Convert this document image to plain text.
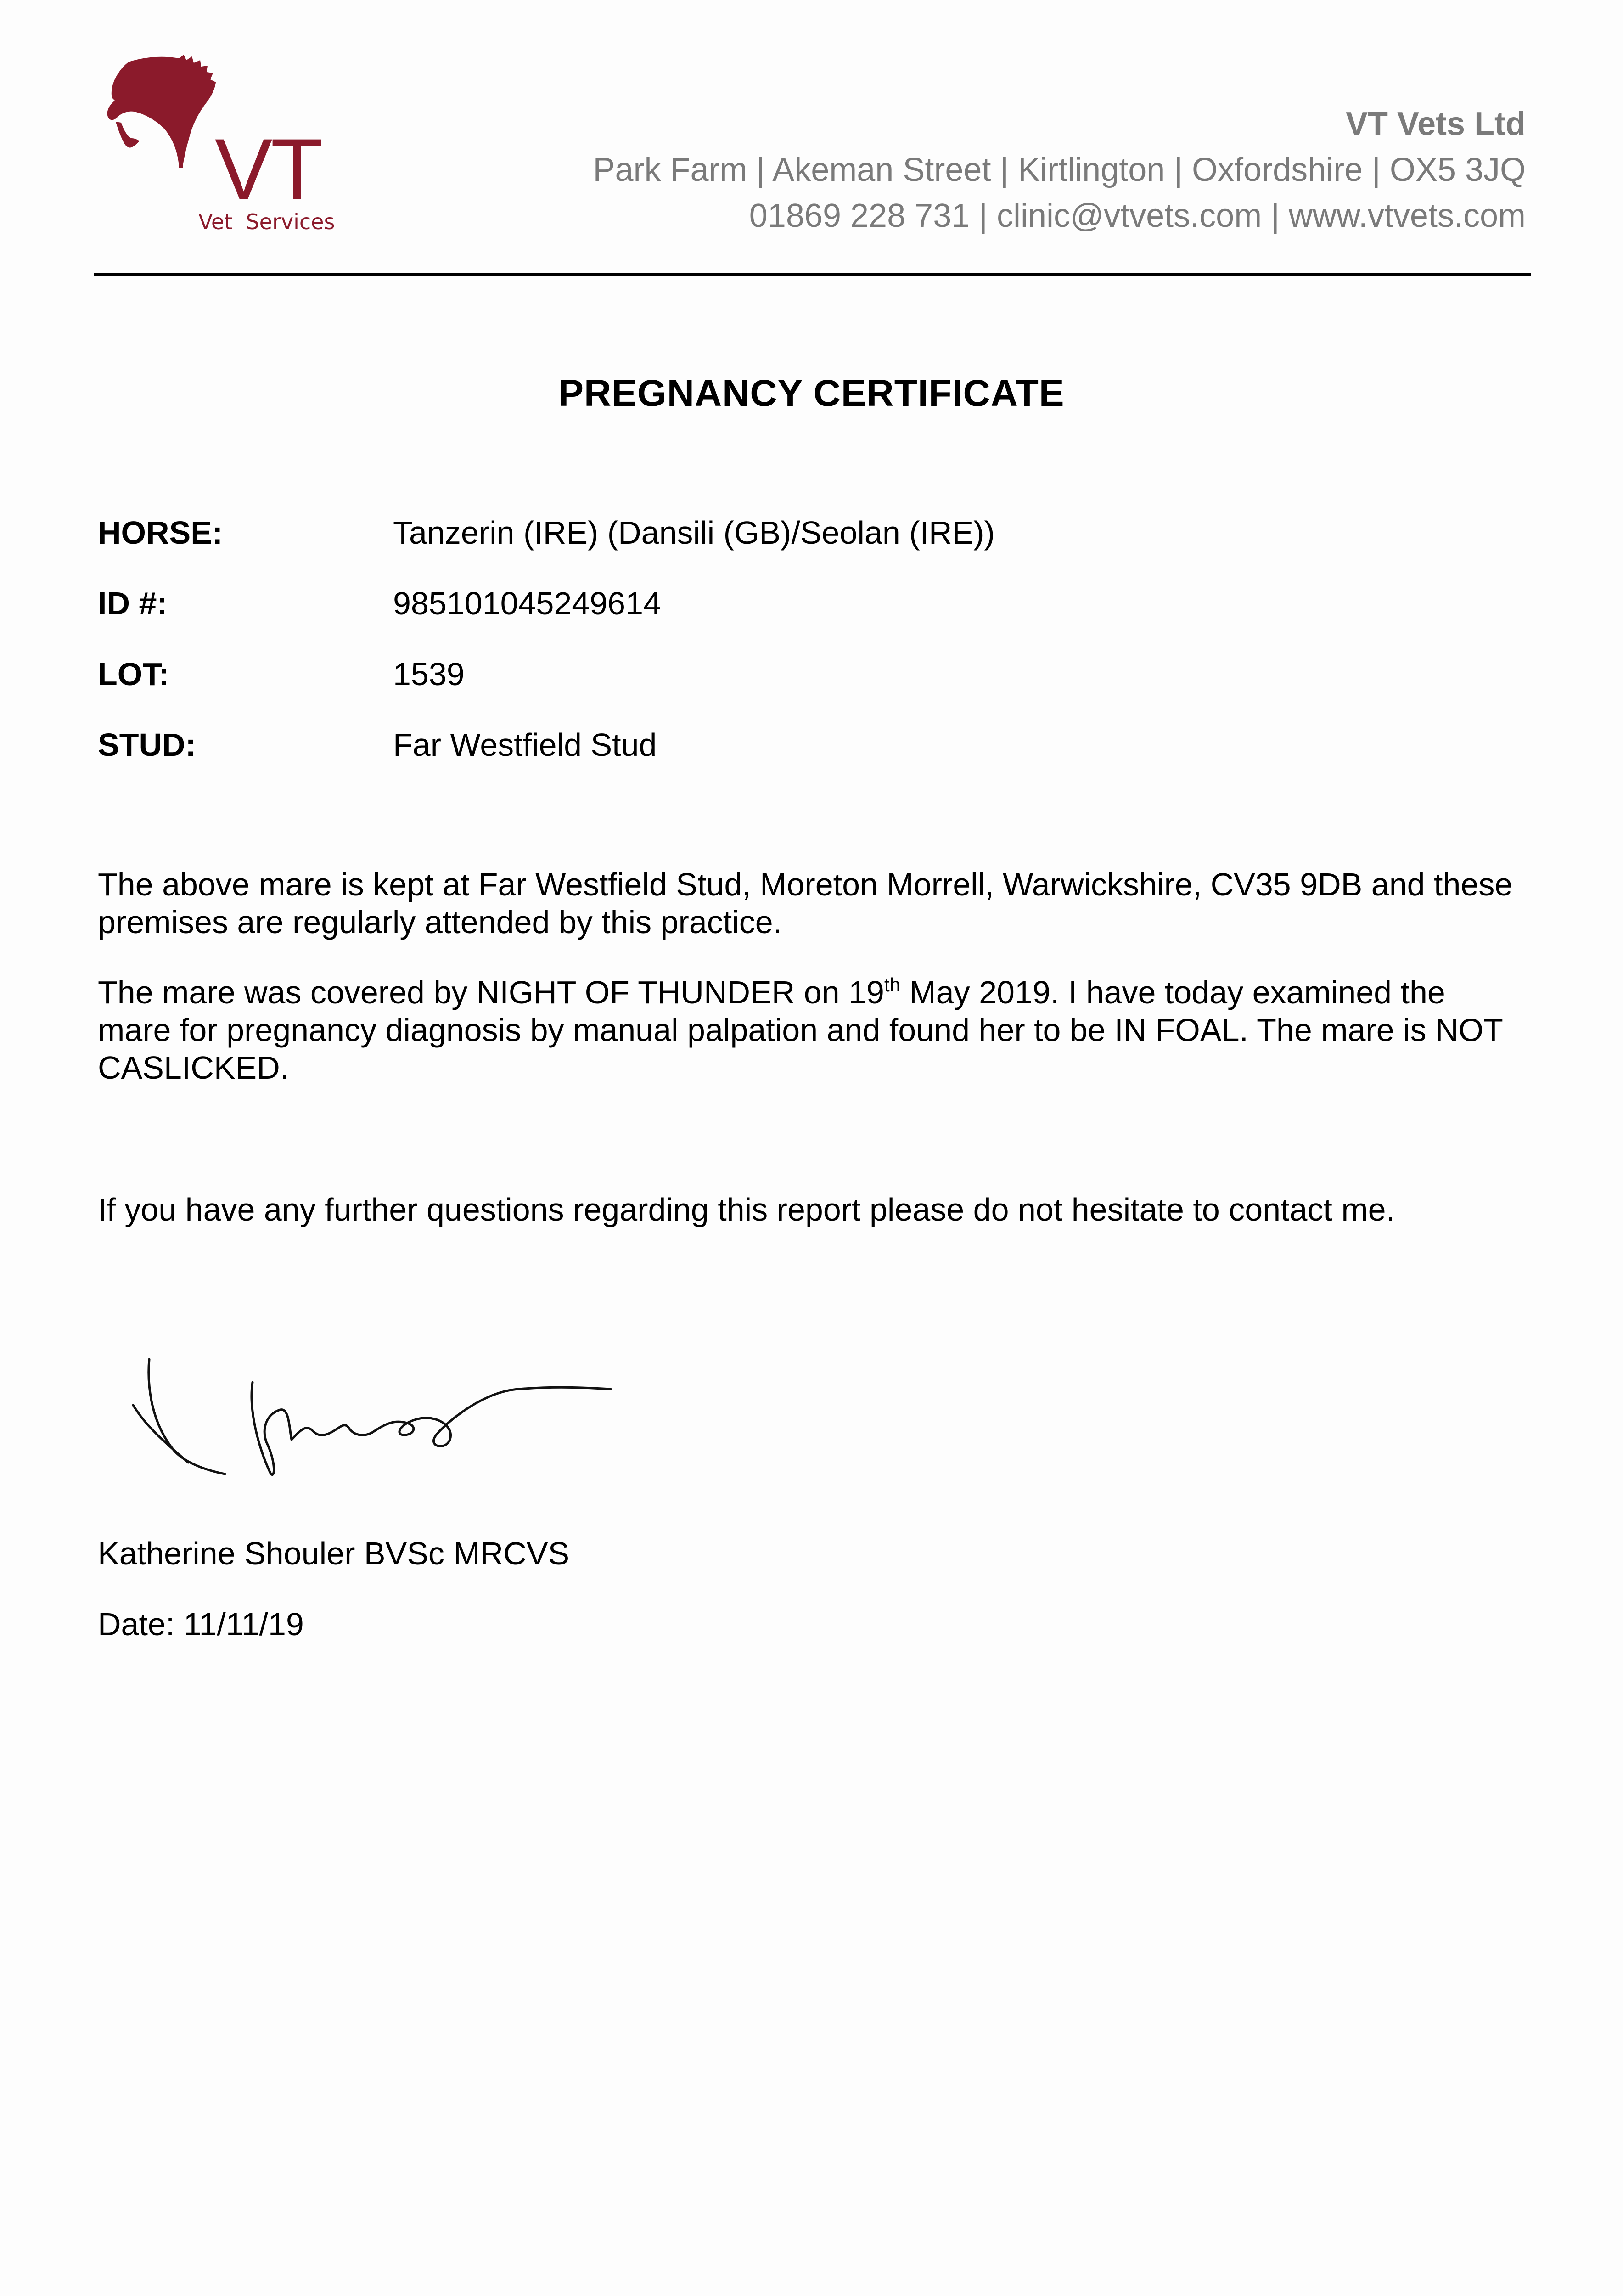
VT
Vet  Services
VT Vets Ltd
Park Farm | Akeman Street | Kirtlington | Oxfordshire | OX5 3JQ
01869 228 731 | clinic@vtvets.com | www.vtvets.com
PREGNANCY CERTIFICATE
HORSE:	Tanzerin (IRE) (Dansili (GB)/Seolan (IRE))
ID #:	985101045249614
LOT:	1539
STUD:	Far Westfield Stud

The above mare is kept at Far Westfield Stud, Moreton Morrell, Warwickshire, CV35 9DB and these premises are regularly attended by this practice.

The mare was covered by NIGHT OF THUNDER on 19th May 2019. I have today examined the mare for pregnancy diagnosis by manual palpation and found her to be IN FOAL. The mare is NOT CASLICKED.

If you have any further questions regarding this report please do not hesitate to contact me.

Katherine Shouler BVSc MRCVS
Date: 11/11/19
